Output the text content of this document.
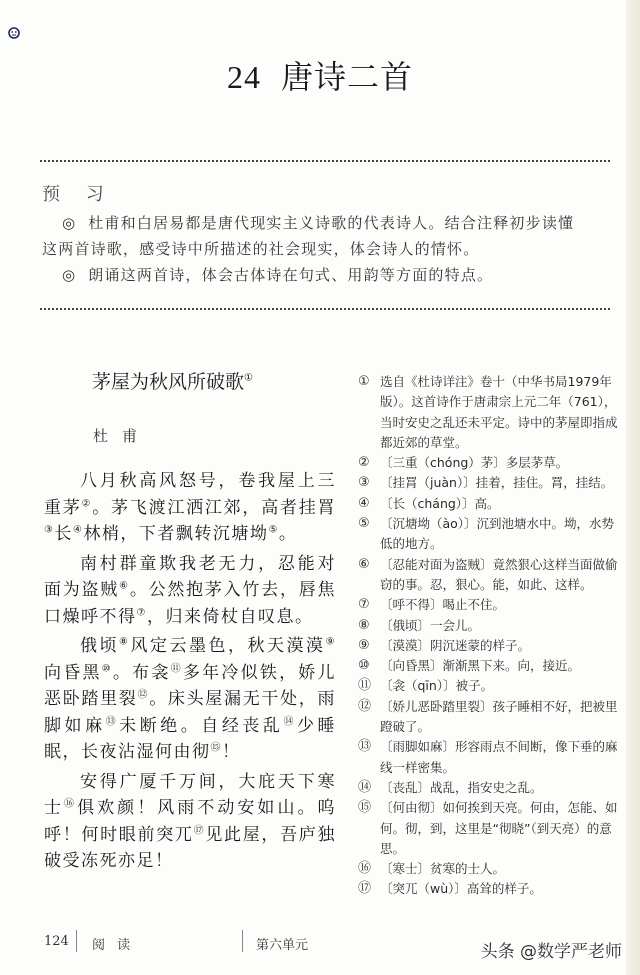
24 唐诗二首
预 习
◎ 杜甫和白居易都是唐代现实主义诗歌的代表诗人。结合注释初步读懂
这两首诗歌，感受诗中所描述的社会现实，体会诗人的情怀。
◎ 朗诵这两首诗，体会古体诗在句式、用韵等方面的特点。
茅屋为秋风所破歌①
杜甫

八月秋高风怒号，卷我屋上三重茅②。茅飞渡江洒江郊，高者挂罥③长④林梢，下者飘转沉塘坳⑤。

南村群童欺我老无力，忍能对面为盗贼⑥。公然抱茅入竹去，唇焦口燥呼不得⑦，归来倚杖自叹息。

俄顷⑧风定云墨色，秋天漠漠⑨向昏黑⑩。布衾⑪多年冷似铁，娇儿恶卧踏里裂⑫。床头屋漏无干处，雨脚如麻⑬未断绝。自经丧乱⑭少睡眠，长夜沾湿何由彻⑮！

安得广厦千万间，大庇天下寒士⑯俱欢颜！风雨不动安如山。呜呼！何时眼前突兀⑰见此屋，吾庐独破受冻死亦足！

① 选自《杜诗详注》卷十（中华书局1979年版）。这首诗作于唐肃宗上元二年（761），当时安史之乱还未平定。诗中的茅屋即指成都近郊的草堂。
② 〔三重（chóng）茅〕多层茅草。
③ 〔挂罥（juàn）〕挂着，挂住。罥，挂结。
④ 〔长（cháng）〕高。
⑤ 〔沉塘坳（ào）〕沉到池塘水中。坳，水势低的地方。
⑥ 〔忍能对面为盗贼〕竟然狠心这样当面做偷窃的事。忍，狠心。能，如此、这样。
⑦ 〔呼不得〕喝止不住。
⑧ 〔俄顷〕一会儿。
⑨ 〔漠漠〕阴沉迷蒙的样子。
⑩ 〔向昏黑〕渐渐黑下来。向，接近。
⑪ 〔衾（qīn）〕被子。
⑫ 〔娇儿恶卧踏里裂〕孩子睡相不好，把被里蹬破了。
⑬ 〔雨脚如麻〕形容雨点不间断，像下垂的麻线一样密集。
⑭ 〔丧乱〕战乱，指安史之乱。
⑮ 〔何由彻〕如何挨到天亮。何由，怎能、如何。彻，到，这里是“彻晓”（到天亮）的意思。
⑯ 〔寒士〕贫寒的士人。
⑰ 〔突兀（wù）〕高耸的样子。
124 阅 读	第六单元	头条 @数学严老师
